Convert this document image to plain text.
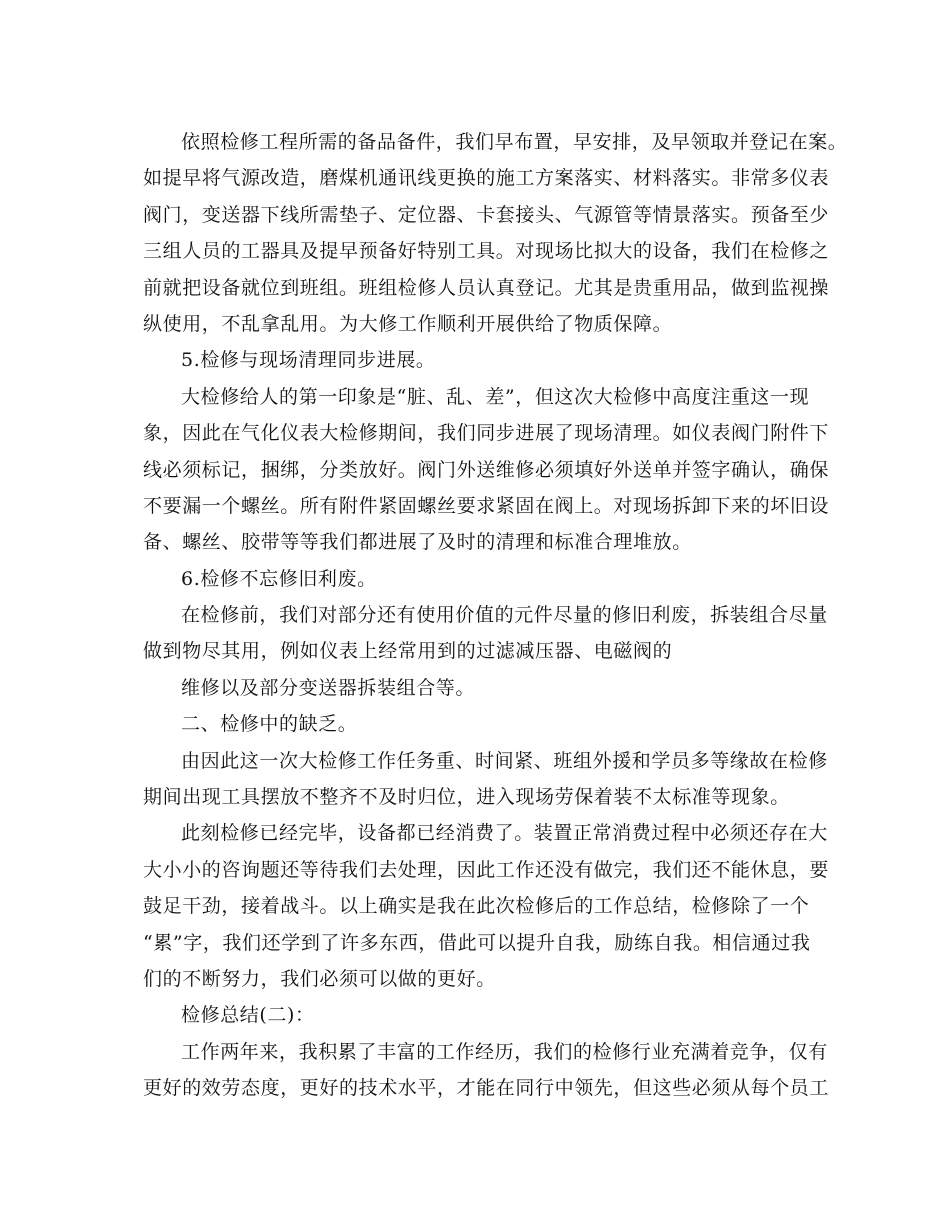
依照检修工程所需的备品备件，我们早布置，早安排，及早领取并登记在案。
如提早将气源改造，磨煤机通讯线更换的施工方案落实、材料落实。非常多仪表
阀门，变送器下线所需垫子、定位器、卡套接头、气源管等情景落实。预备至少
三组人员的工器具及提早预备好特别工具。对现场比拟大的设备，我们在检修之
前就把设备就位到班组。班组检修人员认真登记。尤其是贵重用品，做到监视操
纵使用，不乱拿乱用。为大修工作顺利开展供给了物质保障。
5.检修与现场清理同步进展。
大检修给人的第一印象是“脏、乱、差”，但这次大检修中高度注重这一现
象，因此在气化仪表大检修期间，我们同步进展了现场清理。如仪表阀门附件下
线必须标记，捆绑，分类放好。阀门外送维修必须填好外送单并签字确认，确保
不要漏一个螺丝。所有附件紧固螺丝要求紧固在阀上。对现场拆卸下来的坏旧设
备、螺丝、胶带等等我们都进展了及时的清理和标准合理堆放。
6.检修不忘修旧利废。
在检修前，我们对部分还有使用价值的元件尽量的修旧利废，拆装组合尽量
做到物尽其用，例如仪表上经常用到的过滤减压器、电磁阀的
维修以及部分变送器拆装组合等。
二、检修中的缺乏。
由因此这一次大检修工作任务重、时间紧、班组外援和学员多等缘故在检修
期间出现工具摆放不整齐不及时归位，进入现场劳保着装不太标准等现象。
此刻检修已经完毕，设备都已经消费了。装置正常消费过程中必须还存在大
大小小的咨询题还等待我们去处理，因此工作还没有做完，我们还不能休息，要
鼓足干劲，接着战斗。以上确实是我在此次检修后的工作总结，检修除了一个
“累”字，我们还学到了许多东西，借此可以提升自我，励练自我。相信通过我
们的不断努力，我们必须可以做的更好。
检修总结(二)：
工作两年来，我积累了丰富的工作经历，我们的检修行业充满着竞争，仅有
更好的效劳态度，更好的技术水平，才能在同行中领先，但这些必须从每个员工
